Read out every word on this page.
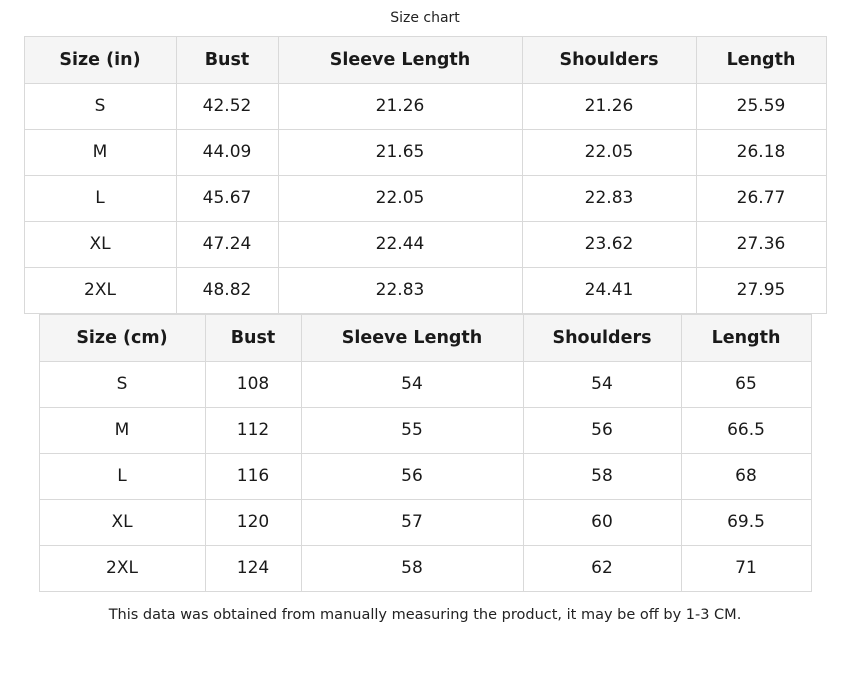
Size chart
Size (in)	Bust	Sleeve Length	Shoulders	Length
S	42.52	21.26	21.26	25.59
M	44.09	21.65	22.05	26.18
L	45.67	22.05	22.83	26.77
XL	47.24	22.44	23.62	27.36
2XL	48.82	22.83	24.41	27.95
Size (cm)	Bust	Sleeve Length	Shoulders	Length
S	108	54	54	65
M	112	55	56	66.5
L	116	56	58	68
XL	120	57	60	69.5
2XL	124	58	62	71
This data was obtained from manually measuring the product, it may be off by 1-3 CM.
